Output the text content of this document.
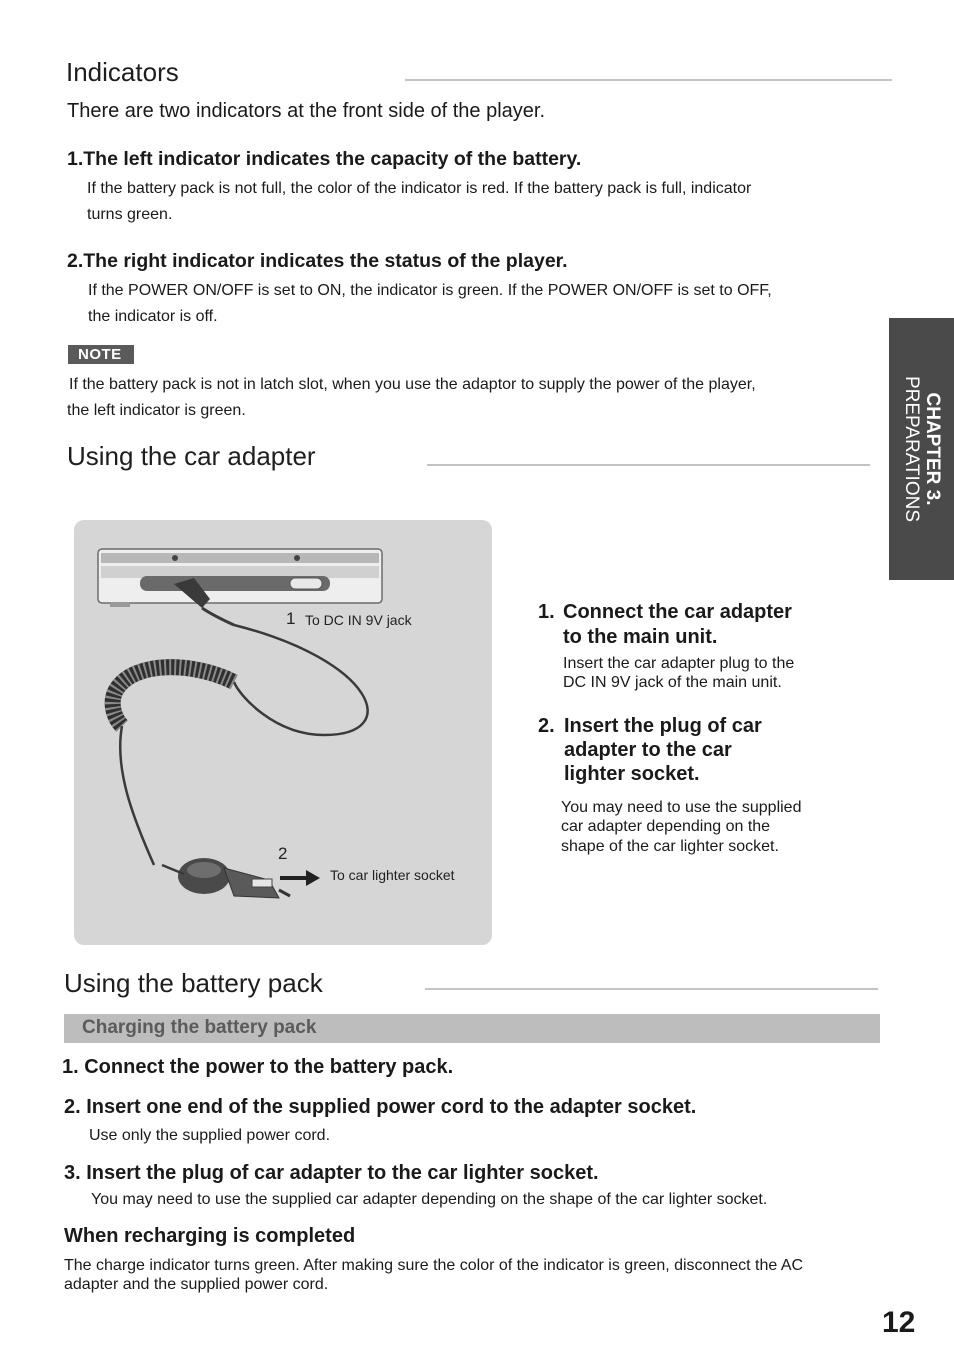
Indicators
There are two indicators at the front side of the player.
1.The left indicator indicates the capacity of the battery.
If the battery pack is not full, the color of the indicator is red. If the battery pack is full, indicator
turns green.
2.The right indicator indicates the status of the player.
If the POWER ON/OFF is set to ON, the indicator is green. If the POWER ON/OFF is set to OFF,
the indicator is off.
NOTE
If the battery pack is not in latch slot, when you use the adaptor to supply the power of the player,
the left indicator is green.	CHAPTER 3.
PREPARATIONS
Using the car adapter
1 To DC IN 9V jack
2
To car lighter socket
1. Connect the car adapter
to the main unit.
Insert the car adapter plug to the
DC IN 9V jack of the main unit.
2. Insert the plug of car
adapter to the car
lighter socket.
You may need to use the supplied
car adapter depending on the
shape of the car lighter socket.
Using the battery pack
Charging the battery pack
1. Connect the power to the battery pack.
2. Insert one end of the supplied power cord to the adapter socket.
Use only the supplied power cord.
3. Insert the plug of car adapter to the car lighter socket.
You may need to use the supplied car adapter depending on the shape of the car lighter socket.
When recharging is completed
The charge indicator turns green. After making sure the color of the indicator is green, disconnect the AC
adapter and the supplied power cord.
12
